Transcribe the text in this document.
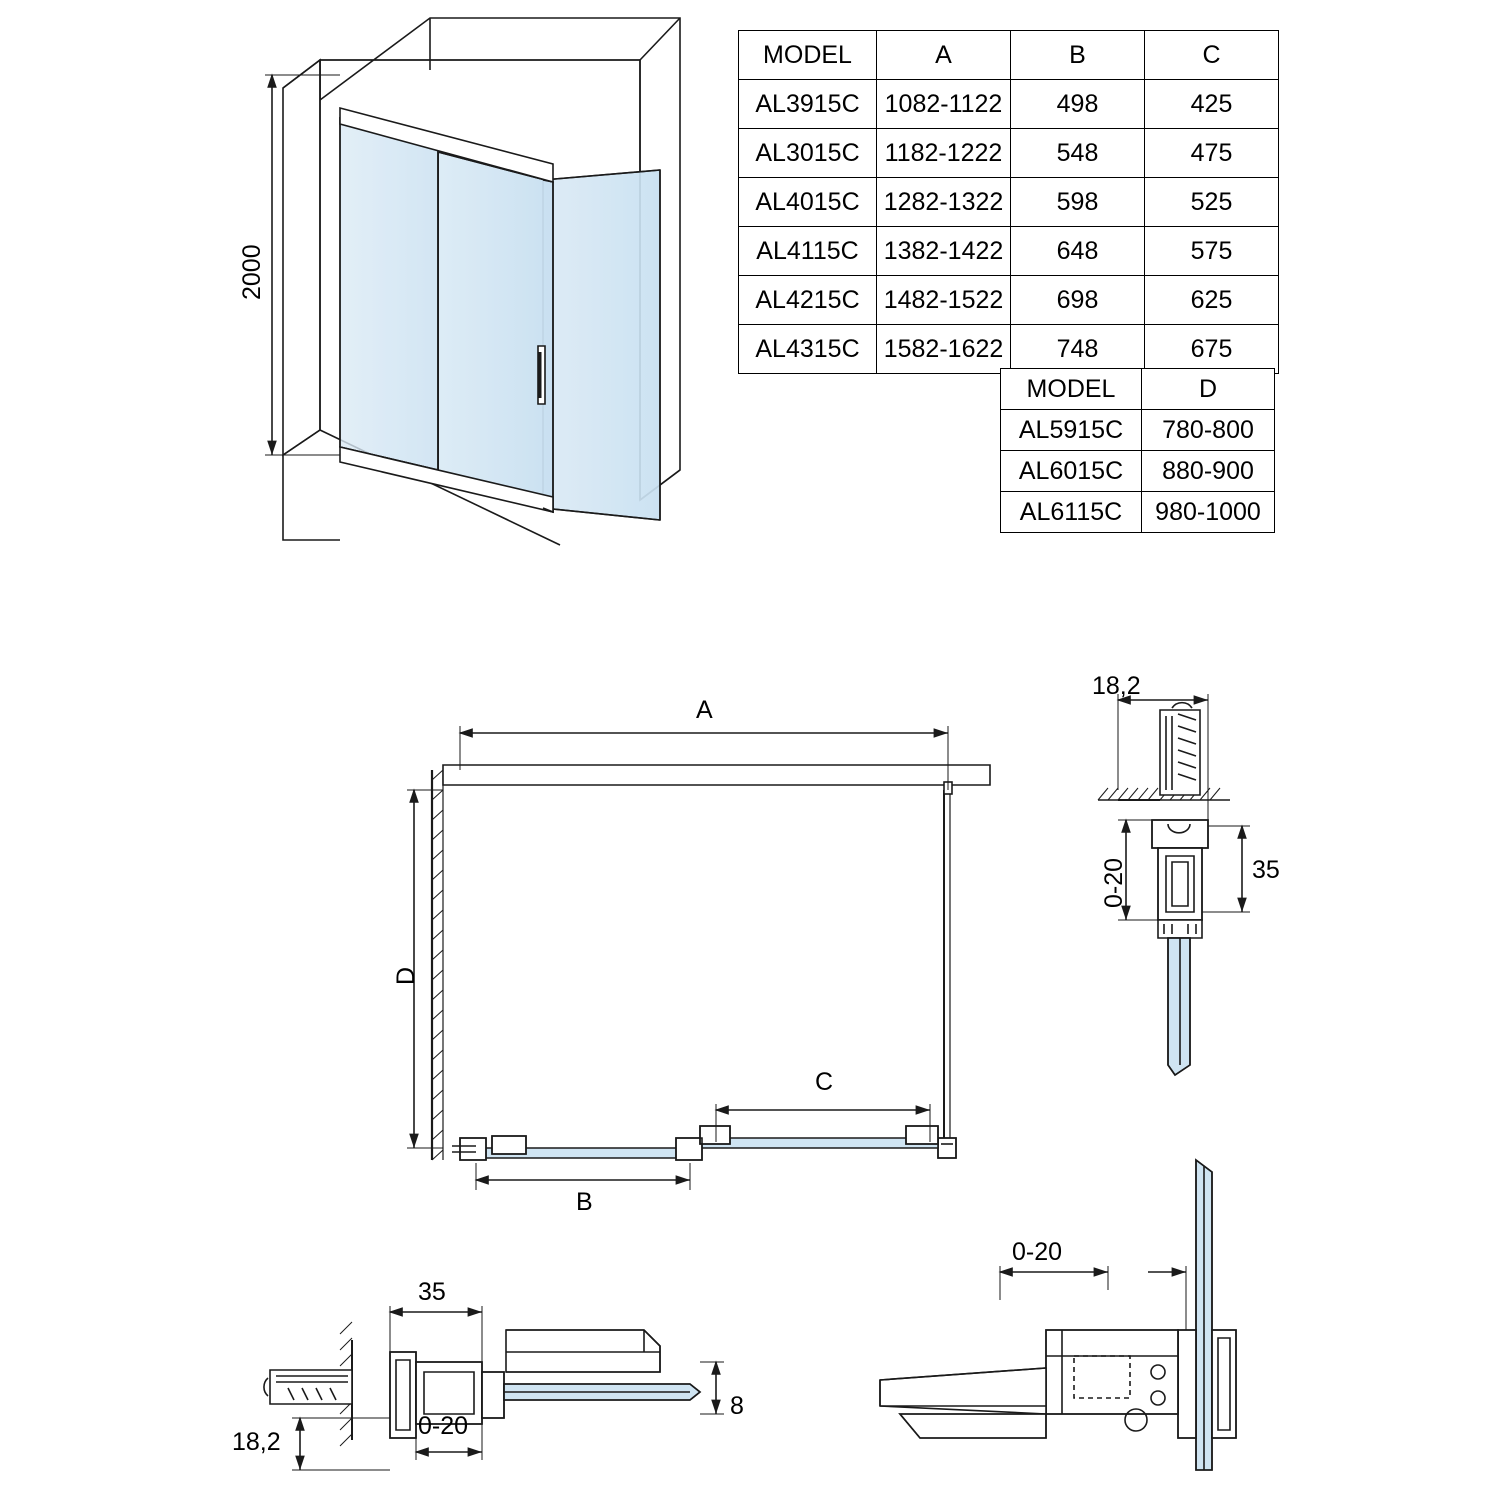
MODEL	A	B	C
AL3915C	1082-1122	498	425
AL3015C	1182-1222	548	475
AL4015C	1282-1322	598	525
AL4115C	1382-1422	648	575
AL4215C	1482-1522	698	625
AL4315C	1582-1622	748	675
MODEL	D
AL5915C	780-800
AL6015C	880-900
AL6115C	980-1000
2000
A
D
B
C
18,2
0-20	35
35
0-20
18,2
8
0-20
